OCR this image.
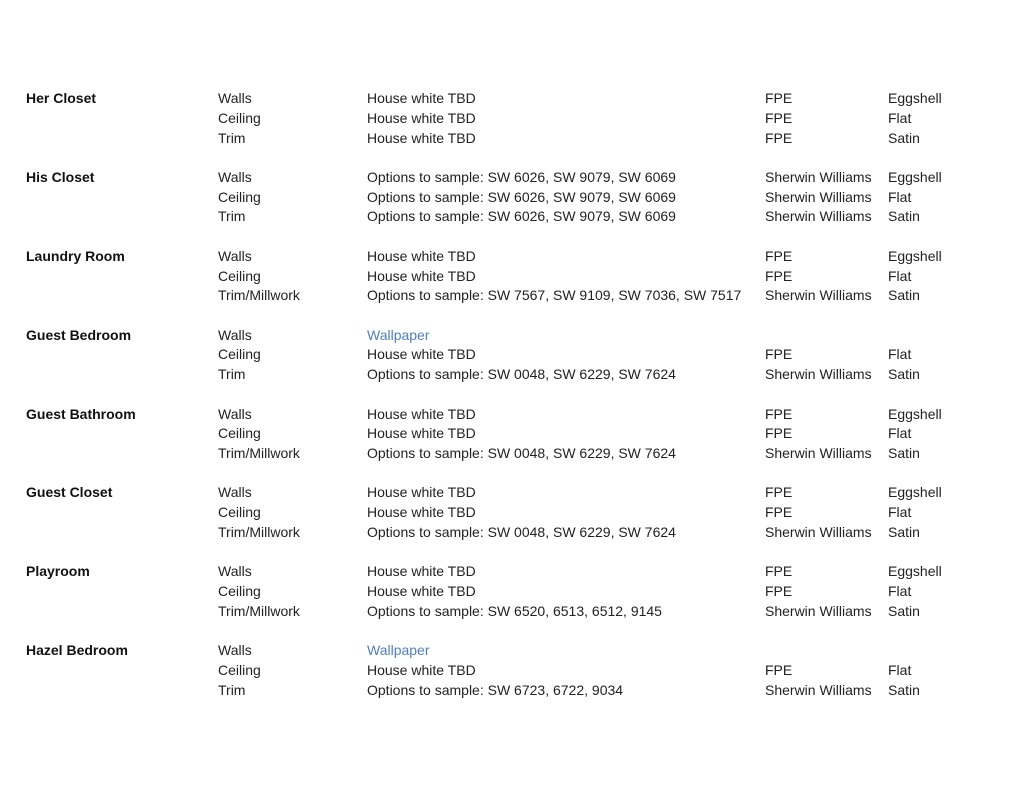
Her Closet	Walls	House white TBD	FPE	Eggshell
Ceiling	House white TBD	FPE	Flat
Trim	House white TBD	FPE	Satin
His Closet	Walls	Options to sample: SW 6026, SW 9079, SW 6069	Sherwin Williams	Eggshell
Ceiling	Options to sample: SW 6026, SW 9079, SW 6069	Sherwin Williams	Flat
Trim	Options to sample: SW 6026, SW 9079, SW 6069	Sherwin Williams	Satin
Laundry Room	Walls	House white TBD	FPE	Eggshell
Ceiling	House white TBD	FPE	Flat
Trim/Millwork	Options to sample: SW 7567, SW 9109, SW 7036, SW 7517	Sherwin Williams	Satin
Guest Bedroom	Walls	Wallpaper
Ceiling	House white TBD	FPE	Flat
Trim	Options to sample: SW 0048, SW 6229, SW 7624	Sherwin Williams	Satin
Guest Bathroom	Walls	House white TBD	FPE	Eggshell
Ceiling	House white TBD	FPE	Flat
Trim/Millwork	Options to sample: SW 0048, SW 6229, SW 7624	Sherwin Williams	Satin
Guest Closet	Walls	House white TBD	FPE	Eggshell
Ceiling	House white TBD	FPE	Flat
Trim/Millwork	Options to sample: SW 0048, SW 6229, SW 7624	Sherwin Williams	Satin
Playroom	Walls	House white TBD	FPE	Eggshell
Ceiling	House white TBD	FPE	Flat
Trim/Millwork	Options to sample: SW 6520, 6513, 6512, 9145	Sherwin Williams	Satin
Hazel Bedroom	Walls	Wallpaper
Ceiling	House white TBD	FPE	Flat
Trim	Options to sample: SW 6723, 6722, 9034	Sherwin Williams	Satin
